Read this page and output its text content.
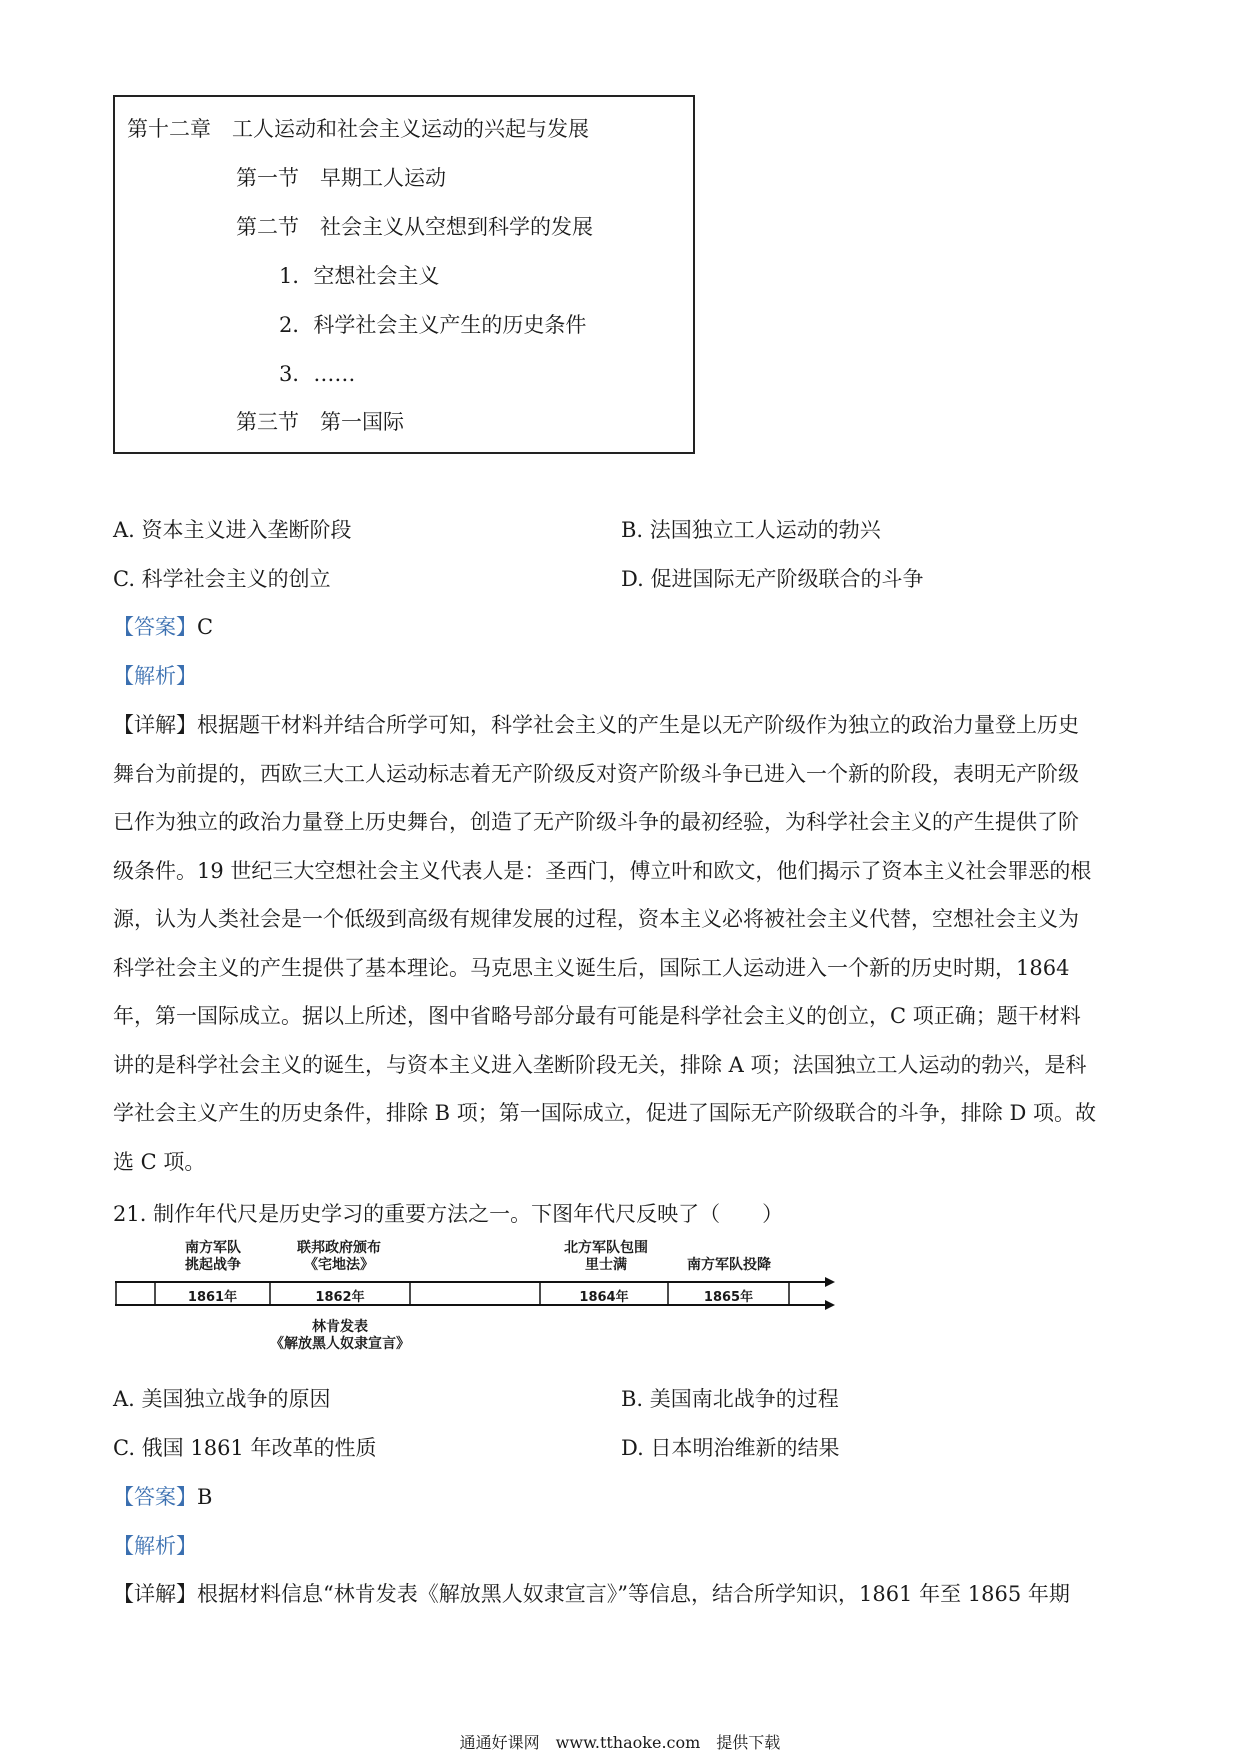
第十二章　工人运动和社会主义运动的兴起与发展
第一节　早期工人运动
第二节　社会主义从空想到科学的发展
1．空想社会主义
2．科学社会主义产生的历史条件
3．……
第三节　第一国际
A. 资本主义进入垄断阶段	B. 法国独立工人运动的勃兴
C. 科学社会主义的创立	D. 促进国际无产阶级联合的斗争
【答案】C
【解析】
【详解】根据题干材料并结合所学可知，科学社会主义的产生是以无产阶级作为独立的政治力量登上历史
舞台为前提的，西欧三大工人运动标志着无产阶级反对资产阶级斗争已进入一个新的阶段，表明无产阶级
已作为独立的政治力量登上历史舞台，创造了无产阶级斗争的最初经验，为科学社会主义的产生提供了阶
级条件。19 世纪三大空想社会主义代表人是：圣西门，傅立叶和欧文，他们揭示了资本主义社会罪恶的根
源，认为人类社会是一个低级到高级有规律发展的过程，资本主义必将被社会主义代替，空想社会主义为
科学社会主义的产生提供了基本理论。马克思主义诞生后，国际工人运动进入一个新的历史时期，1864
年，第一国际成立。据以上所述，图中省略号部分最有可能是科学社会主义的创立，C 项正确；题干材料
讲的是科学社会主义的诞生，与资本主义进入垄断阶段无关，排除 A 项；法国独立工人运动的勃兴，是科
学社会主义产生的历史条件，排除 B 项；第一国际成立，促进了国际无产阶级联合的斗争，排除 D 项。故
选 C 项。
21. 制作年代尺是历史学习的重要方法之一。下图年代尺反映了（　　）
南方军队
挑起战争
联邦政府颁布
《宅地法》
北方军队包围
里士满	南方军队投降
1861年	1862年	1864年	1865年
林肯发表
《解放黑人奴隶宣言》
A. 美国独立战争的原因	B. 美国南北战争的过程
C. 俄国 1861 年改革的性质	D. 日本明治维新的结果
【答案】B
【解析】
【详解】根据材料信息“林肯发表《解放黑人奴隶宣言》”等信息，结合所学知识，1861 年至 1865 年期
通通好课网　www.tthaoke.com　提供下载
